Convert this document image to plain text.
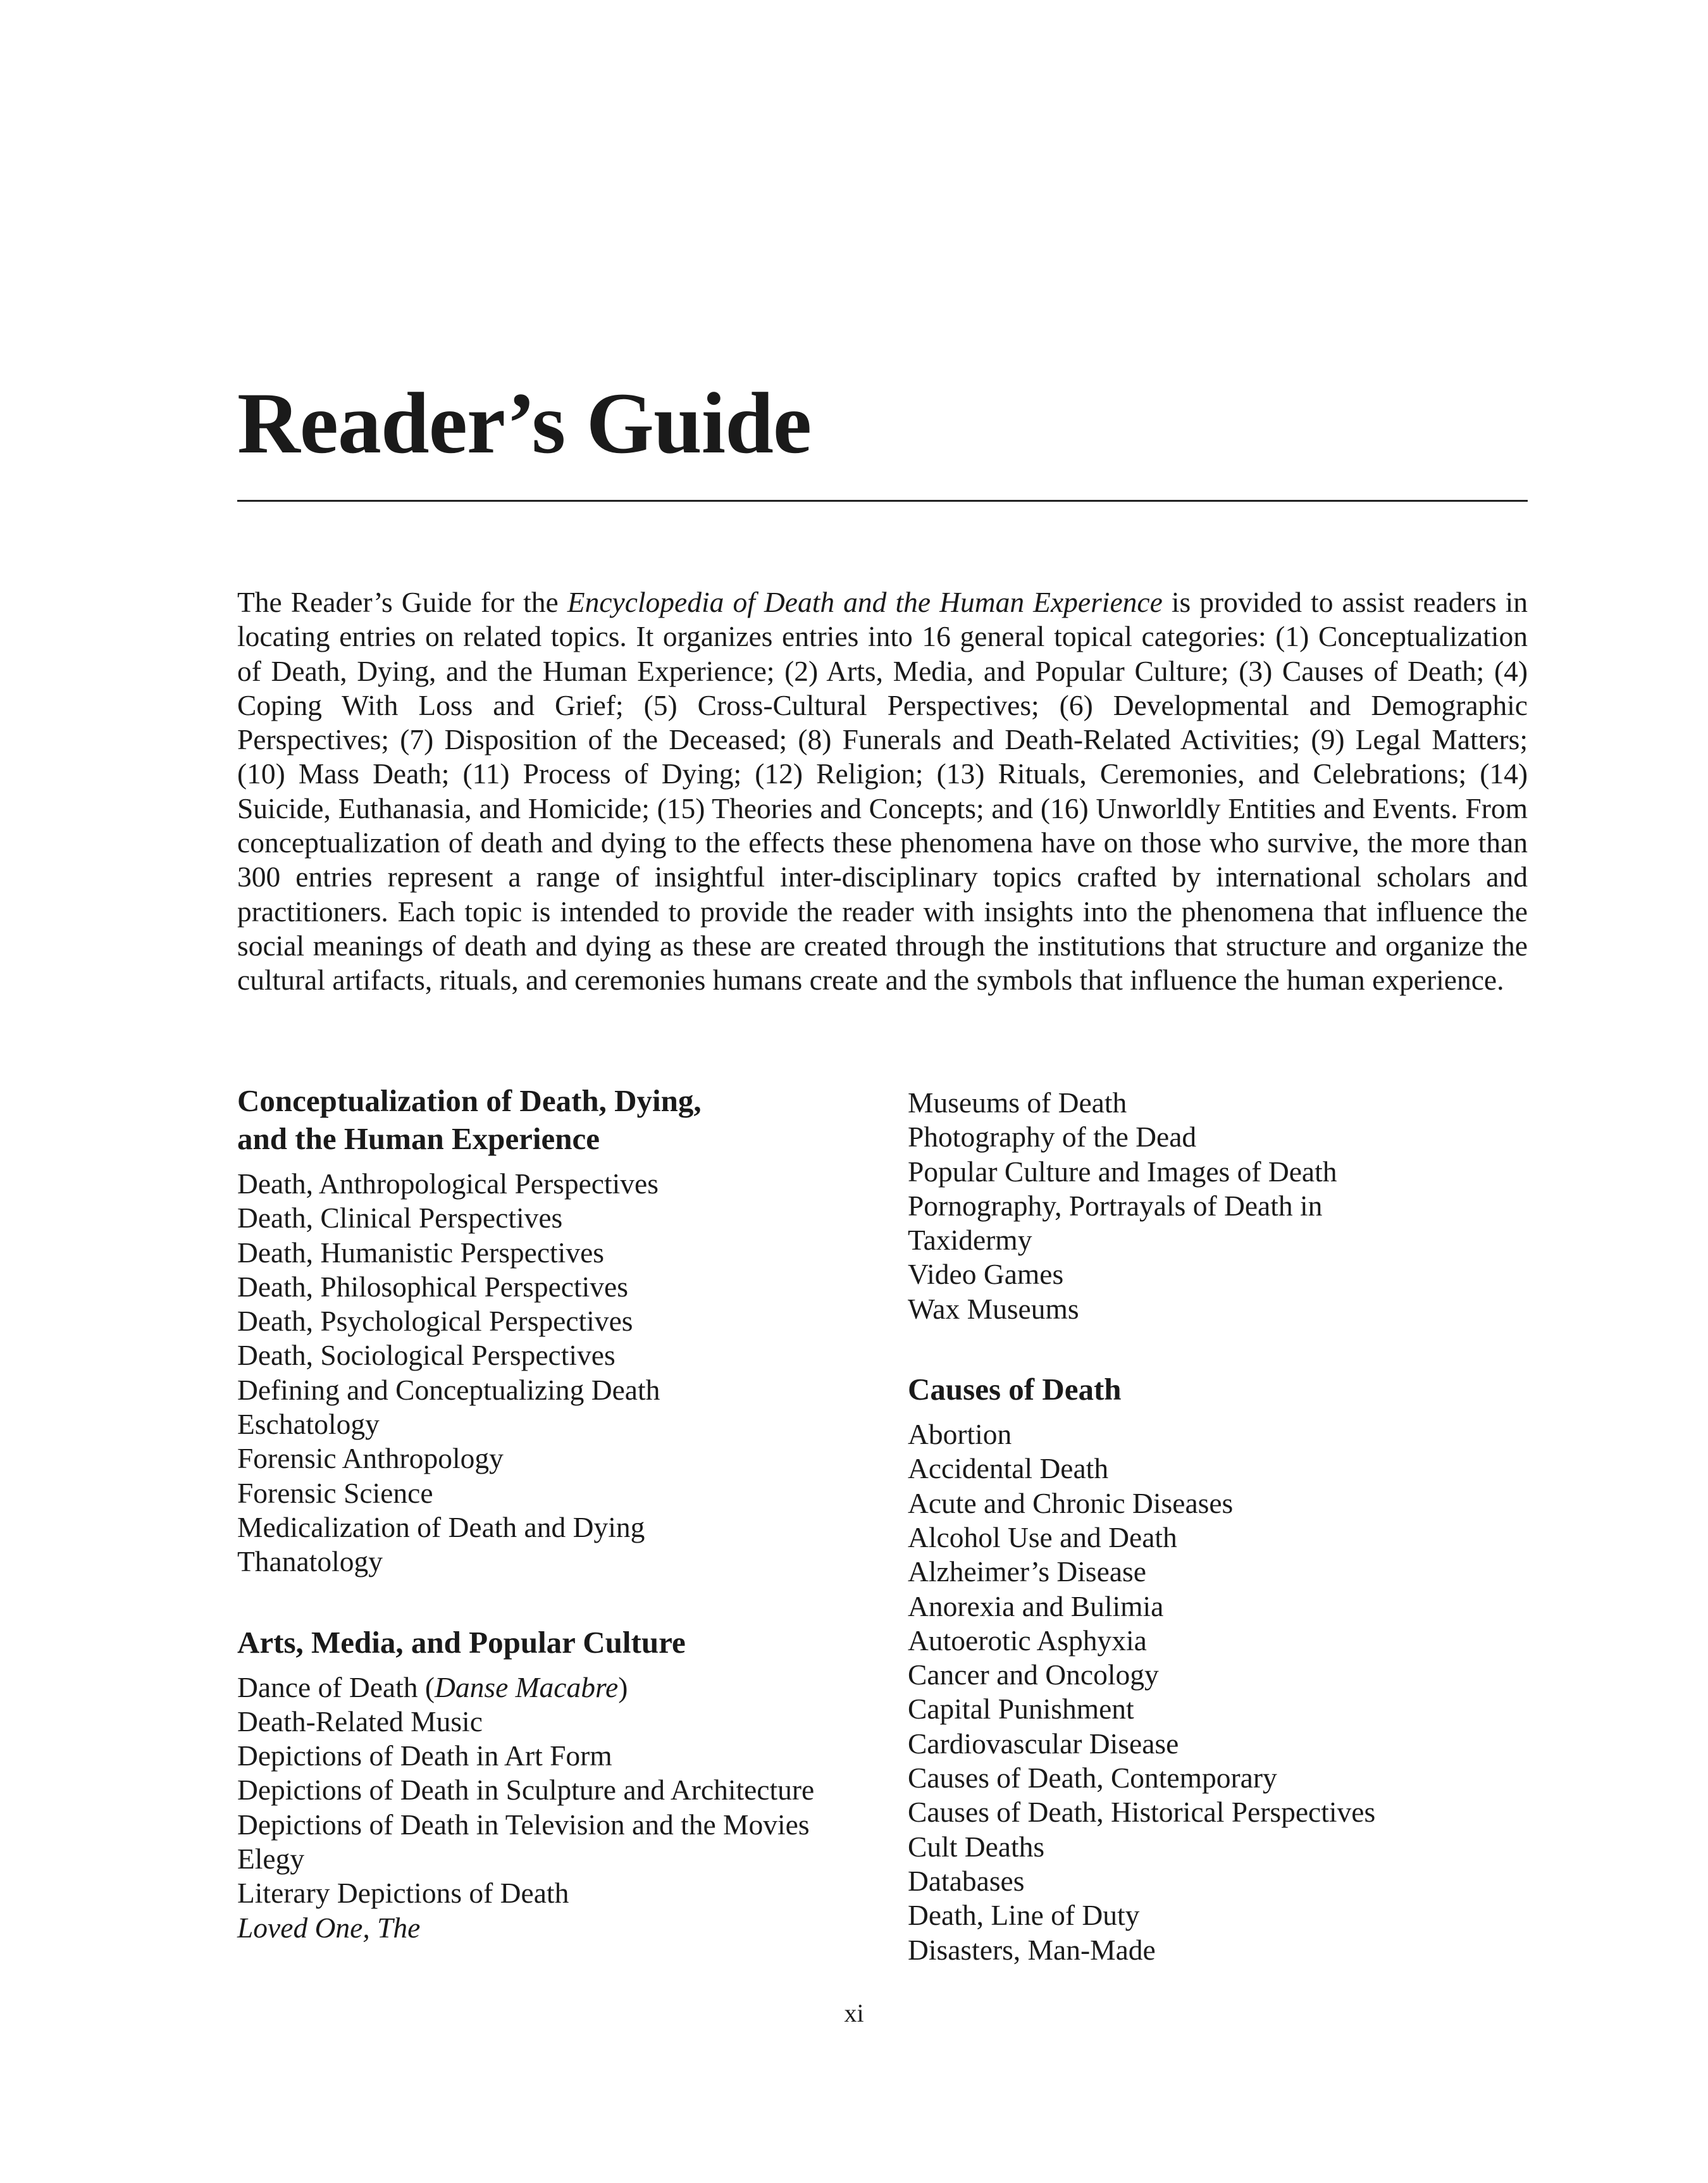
Reader’s Guide

The Reader’s Guide for the Encyclopedia of Death and the Human Experience is provided to assist readers in locating entries on related topics. It organizes entries into 16 general topical categories: (1) Conceptualization of Death, Dying, and the Human Experience; (2) Arts, Media, and Popular Culture; (3) Causes of Death; (4) Coping With Loss and Grief; (5) Cross-Cultural Perspectives; (6) Developmental and Demographic Perspectives; (7) Disposition of the Deceased; (8) Funerals and Death-Related Activities; (9) Legal Matters; (10) Mass Death; (11) Process of Dying; (12) Religion; (13) Rituals, Ceremonies, and Celebrations; (14) Suicide, Euthanasia, and Homicide; (15) Theories and Concepts; and (16) Unworldly Entities and Events. From conceptualization of death and dying to the effects these phenomena have on those who survive, the more than 300 entries represent a range of insightful inter-disciplinary topics crafted by international scholars and practitioners. Each topic is intended to provide the reader with insights into the phenomena that influence the social meanings of death and dying as these are created through the institutions that structure and organize the cultural artifacts, rituals, and ceremonies humans create and the symbols that influence the human experience.

Conceptualization of Death, Dying,
and the Human Experience
Death, Anthropological Perspectives
Death, Clinical Perspectives
Death, Humanistic Perspectives
Death, Philosophical Perspectives
Death, Psychological Perspectives
Death, Sociological Perspectives
Defining and Conceptualizing Death
Eschatology
Forensic Anthropology
Forensic Science
Medicalization of Death and Dying
Thanatology
Arts, Media, and Popular Culture
Dance of Death (Danse Macabre)
Death-Related Music
Depictions of Death in Art Form
Depictions of Death in Sculpture and Architecture
Depictions of Death in Television and the Movies
Elegy
Literary Depictions of Death
Loved One, The
Museums of Death
Photography of the Dead
Popular Culture and Images of Death
Pornography, Portrayals of Death in
Taxidermy
Video Games
Wax Museums
Causes of Death
Abortion
Accidental Death
Acute and Chronic Diseases
Alcohol Use and Death
Alzheimer’s Disease
Anorexia and Bulimia
Autoerotic Asphyxia
Cancer and Oncology
Capital Punishment
Cardiovascular Disease
Causes of Death, Contemporary
Causes of Death, Historical Perspectives
Cult Deaths
Databases
Death, Line of Duty
Disasters, Man-Made
xi
